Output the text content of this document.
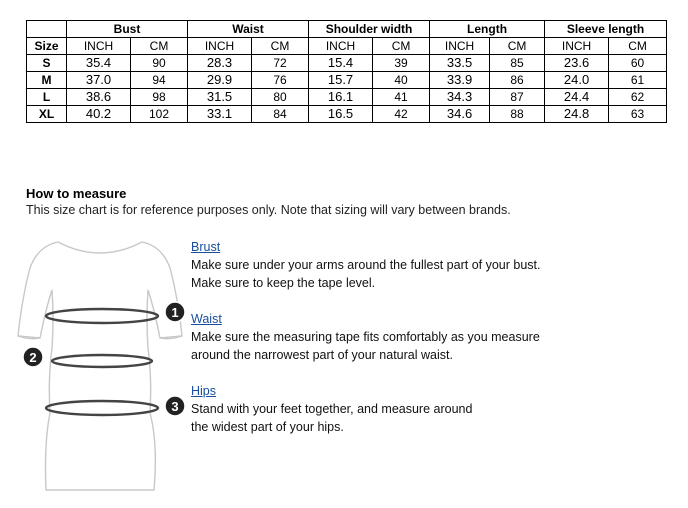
	Bust		Waist		Shoulder width		Length		Sleeve length	
Size	INCH	CM	INCH	CM	INCH	CM	INCH	CM	INCH	CM
S	35.4	90	28.3	72	15.4	39	33.5	85	23.6	60
M	37.0	94	29.9	76	15.7	40	33.9	86	24.0	61
L	38.6	98	31.5	80	16.1	41	34.3	87	24.4	62
XL	40.2	102	33.1	84	16.5	42	34.6	88	24.8	63
How to measure
This size chart is for reference purposes only. Note that sizing will vary between brands.
1
2
3
Brust
Make sure under your arms around the fullest part of your bust.
Make sure to keep the tape level.
Waist
Make sure the measuring tape fits comfortably as you measure
around the narrowest part of your natural waist.
Hips
Stand with your feet together, and measure around
the widest part of your hips.
